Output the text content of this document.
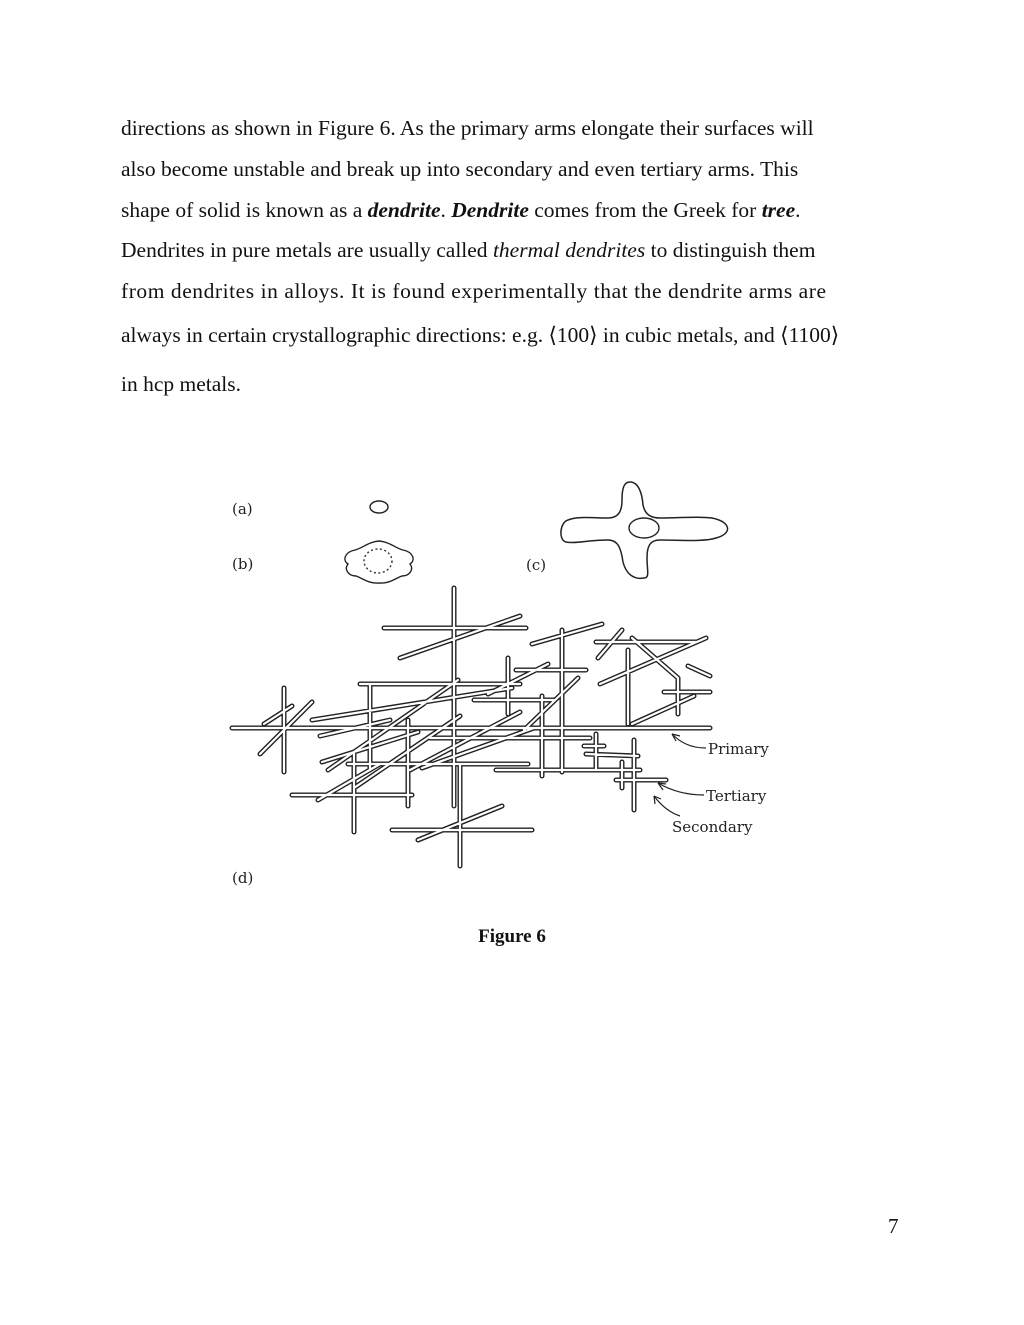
directions as shown in Figure 6. As the primary arms elongate their surfaces will
also become unstable and break up into secondary and even tertiary arms. This
shape of solid is known as a dendrite. Dendrite comes from the Greek for tree.
Dendrites in pure metals are usually called thermal dendrites to distinguish them
from dendrites in alloys. It is found experimentally that the dendrite arms are
always in certain crystallographic directions: e.g. ⟨100⟩ in cubic metals, and ⟨1100⟩
in hcp metals.
(a)
(b)	(c)
(d)
Primary
Tertiary
Secondary
Figure 6
7
